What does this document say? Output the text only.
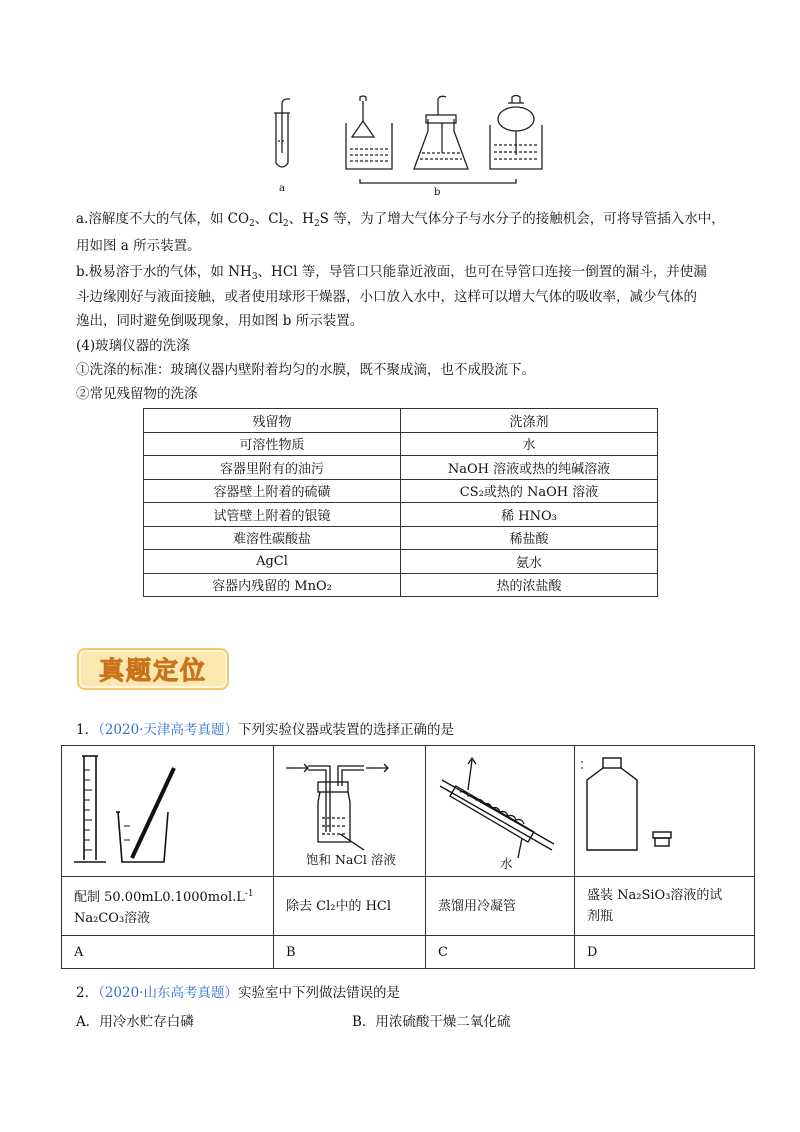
a	b
a.溶解度不大的气体，如 $CO_2$、$Cl_2$、$H_2S$ 等，为了增大气体分子与水分子的接触机会，可将导管插入水中，
用如图 a 所示装置。
b.极易溶于水的气体，如 $NH_3$、HCl 等，导管口只能靠近液面，也可在导管口连接一倒置的漏斗，并使漏
斗边缘刚好与液面接触，或者使用球形干燥器，小口放入水中，这样可以增大气体的吸收率，减少气体的
逸出，同时避免倒吸现象，用如图 b 所示装置。
(4)玻璃仪器的洗涤
①洗涤的标准：玻璃仪器内壁附着均匀的水膜，既不聚成滴，也不成股流下。
②常见残留物的洗涤
残留物	洗涤剂
可溶性物质	水
容器里附有的油污	NaOH 溶液或热的纯碱溶液
容器壁上附着的硫磺	CS₂或热的 NaOH 溶液
试管壁上附着的银镜	稀 HNO₃
难溶性碳酸盐	稀盐酸
AgCl	氨水
容器内残留的 MnO₂	热的浓盐酸
真题定位
1．（2020·天津高考真题）下列实验仪器或装置的选择正确的是

饱和 NaCl 溶液	水

配制 $50.00mL0.1000mol.L^{-1}$
Na₂CO₃溶液	除去 Cl₂中的 HCl	蒸馏用冷凝管	盛装 Na₂SiO₃溶液的试
剂瓶
A	B	C	D
2．（2020·山东高考真题）实验室中下列做法错误的是
A．用冷水贮存白磷	B．用浓硫酸干燥二氧化硫
